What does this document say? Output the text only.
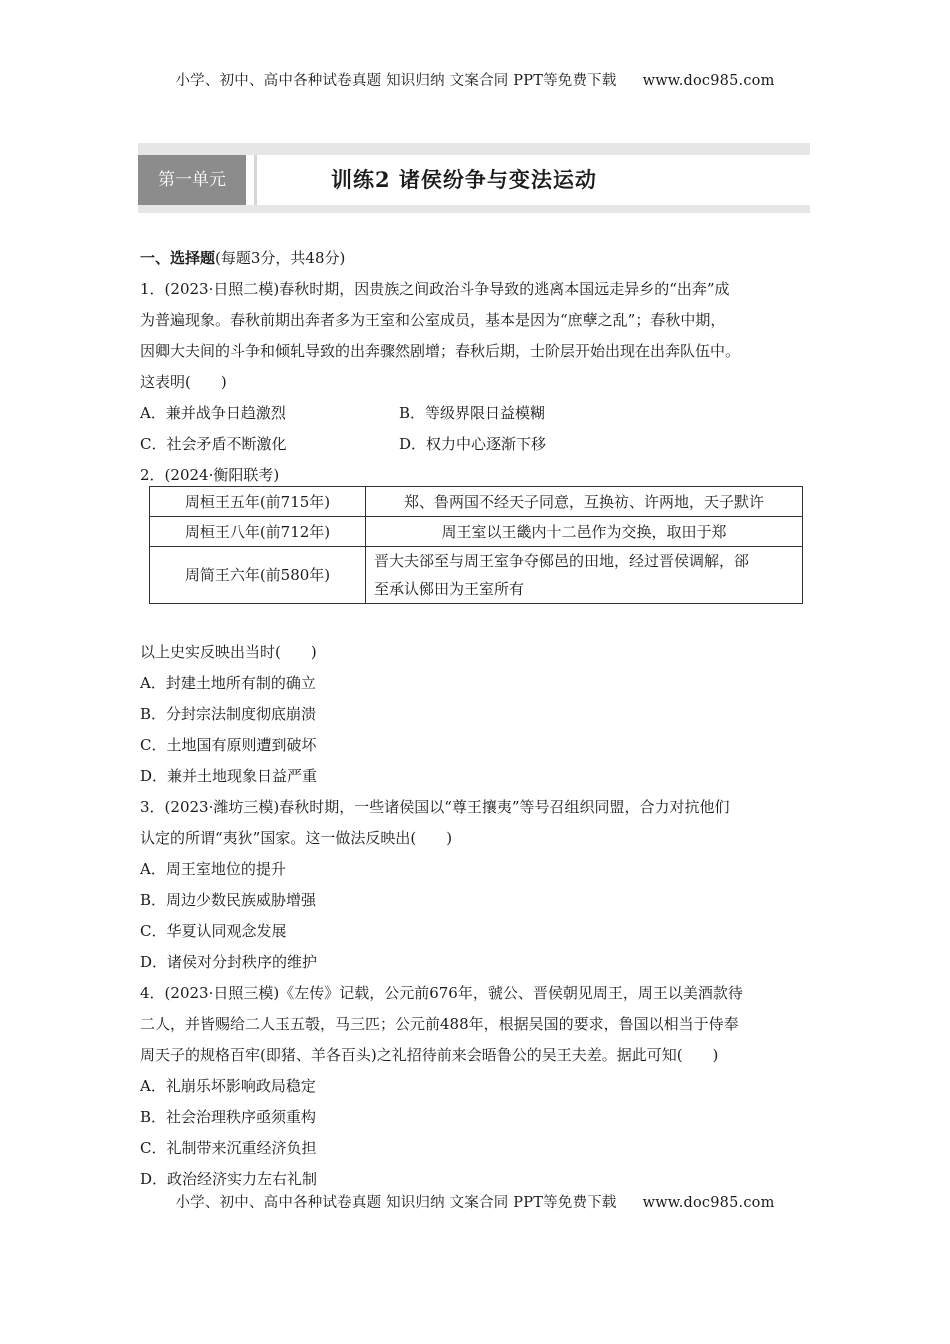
小学、初中、高中各种试卷真题 知识归纳 文案合同 PPT等免费下载 www.doc985.com
第一单元	训练2 诸侯纷争与变法运动
一、选择题(每题3分，共48分)
1．(2023·日照二模)春秋时期，因贵族之间政治斗争导致的逃离本国远走异乡的“出奔”成
为普遍现象。春秋前期出奔者多为王室和公室成员，基本是因为“庶孽之乱”；春秋中期，
因卿大夫间的斗争和倾轧导致的出奔骤然剧增；春秋后期，士阶层开始出现在出奔队伍中。
这表明(　　)
A．兼并战争日趋激烈	B．等级界限日益模糊
C．社会矛盾不断激化	D．权力中心逐渐下移
2．(2024·衡阳联考)
以上史实反映出当时(　　)
A．封建土地所有制的确立
B．分封宗法制度彻底崩溃
C．土地国有原则遭到破坏
D．兼并土地现象日益严重
3．(2023·潍坊三模)春秋时期，一些诸侯国以“尊王攘夷”等号召组织同盟，合力对抗他们
认定的所谓“夷狄”国家。这一做法反映出(　　)
A．周王室地位的提升
B．周边少数民族威胁增强
C．华夏认同观念发展
D．诸侯对分封秩序的维护
4．(2023·日照三模)《左传》记载，公元前676年，虢公、晋侯朝见周王，周王以美酒款待
二人，并皆赐给二人玉五彀，马三匹；公元前488年，根据吴国的要求，鲁国以相当于侍奉
周天子的规格百牢(即猪、羊各百头)之礼招待前来会晤鲁公的吴王夫差。据此可知(　　)
A．礼崩乐坏影响政局稳定
B．社会治理秩序亟须重构
C．礼制带来沉重经济负担
D．政治经济实力左右礼制
周桓王五年(前715年)	郑、鲁两国不经天子同意，互换祊、许两地，天子默许
周桓王八年(前712年)	周王室以王畿内十二邑作为交换，取田于郑
周简王六年(前580年)	晋大夫郤至与周王室争夺鄇邑的田地，经过晋侯调解，郤
至承认鄇田为王室所有
小学、初中、高中各种试卷真题 知识归纳 文案合同 PPT等免费下载 www.doc985.com
